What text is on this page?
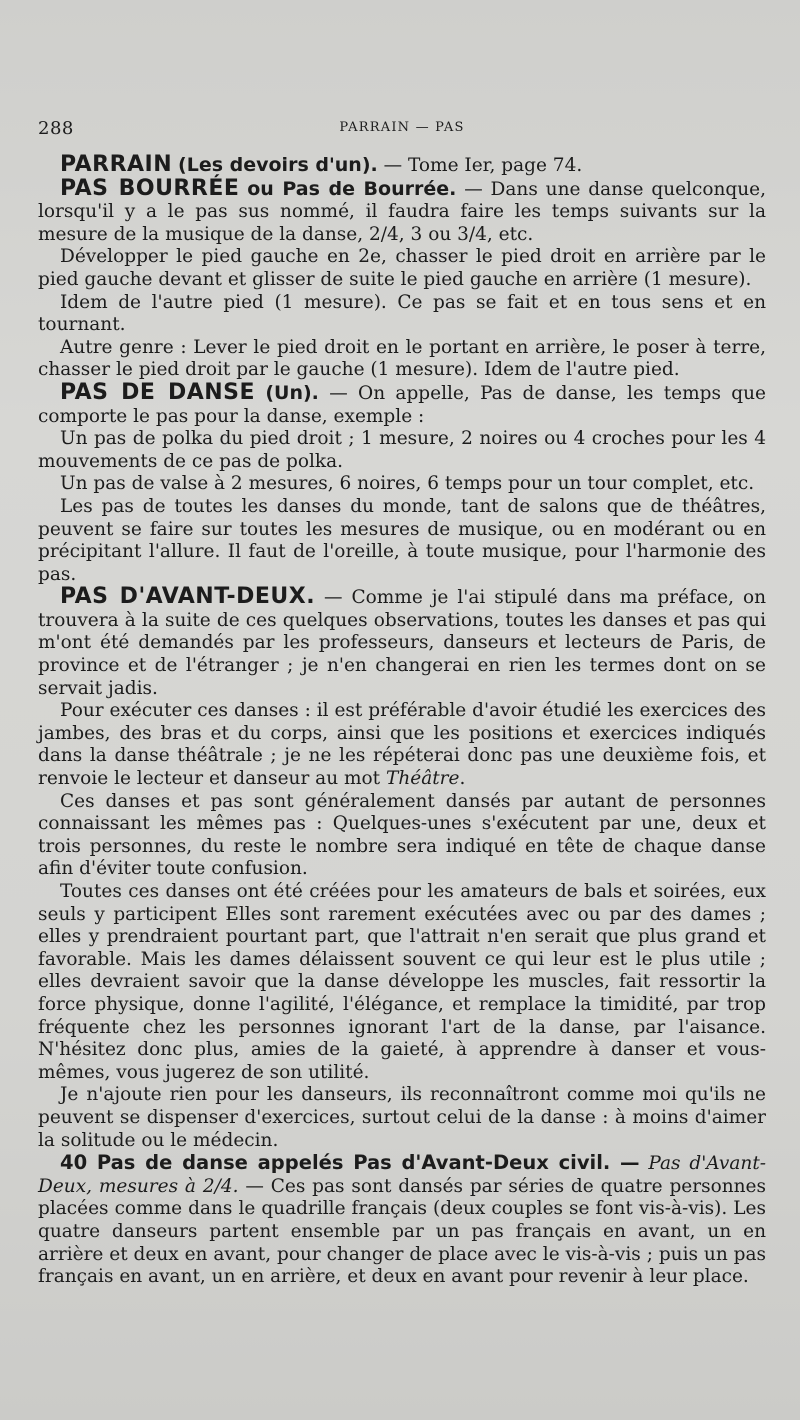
288	PARRAIN — PAS

PARRAIN (Les devoirs d'un). — Tome Ier, page 74.

PAS BOURRÉE ou Pas de Bourrée. — Dans une danse quelconque, lorsqu'il y a le pas sus nommé, il faudra faire les temps suivants sur la mesure de la musique de la danse, 2/4, 3 ou 3/4, etc.

Développer le pied gauche en 2e, chasser le pied droit en arrière par le pied gauche devant et glisser de suite le pied gauche en arrière (1 mesure).

Idem de l'autre pied (1 mesure). Ce pas se fait et en tous sens et en tournant.

Autre genre : Lever le pied droit en le portant en arrière, le poser à terre, chasser le pied droit par le gauche (1 mesure). Idem de l'autre pied.

PAS DE DANSE (Un). — On appelle, Pas de danse, les temps que comporte le pas pour la danse, exemple :

Un pas de polka du pied droit ; 1 mesure, 2 noires ou 4 croches pour les 4 mouvements de ce pas de polka.

Un pas de valse à 2 mesures, 6 noires, 6 temps pour un tour complet, etc.

Les pas de toutes les danses du monde, tant de salons que de théâtres, peuvent se faire sur toutes les mesures de musique, ou en modérant ou en précipitant l'allure. Il faut de l'oreille, à toute musique, pour l'harmonie des pas.

PAS D'AVANT-DEUX. — Comme je l'ai stipulé dans ma préface, on trouvera à la suite de ces quelques observations, toutes les danses et pas qui m'ont été demandés par les professeurs, danseurs et lecteurs de Paris, de province et de l'étranger ; je n'en changerai en rien les termes dont on se servait jadis.

Pour exécuter ces danses : il est préférable d'avoir étudié les exercices des jambes, des bras et du corps, ainsi que les positions et exercices indiqués dans la danse théâtrale ; je ne les répéterai donc pas une deuxième fois, et renvoie le lecteur et danseur au mot Théâtre.

Ces danses et pas sont généralement dansés par autant de personnes connaissant les mêmes pas : Quelques-unes s'exécutent par une, deux et trois personnes, du reste le nombre sera indiqué en tête de chaque danse afin d'éviter toute confusion.

Toutes ces danses ont été créées pour les amateurs de bals et soirées, eux seuls y participent Elles sont rarement exécutées avec ou par des dames ; elles y prendraient pourtant part, que l'attrait n'en serait que plus grand et favorable. Mais les dames délaissent souvent ce qui leur est le plus utile ; elles devraient savoir que la danse développe les muscles, fait ressortir la force physique, donne l'agilité, l'élégance, et remplace la timidité, par trop fréquente chez les personnes ignorant l'art de la danse, par l'aisance. N'hésitez donc plus, amies de la gaieté, à apprendre à danser et vous-mêmes, vous jugerez de son utilité.

Je n'ajoute rien pour les danseurs, ils reconnaîtront comme moi qu'ils ne peuvent se dispenser d'exercices, surtout celui de la danse : à moins d'aimer la solitude ou le médecin.

40 Pas de danse appelés Pas d'Avant-Deux civil. — Pas d'Avant-Deux, mesures à 2/4. — Ces pas sont dansés par séries de quatre personnes placées comme dans le quadrille français (deux couples se font vis-à-vis). Les quatre danseurs partent ensemble par un pas français en avant, un en arrière et deux en avant, pour changer de place avec le vis-à-vis ; puis un pas français en avant, un en arrière, et deux en avant pour revenir à leur place.
